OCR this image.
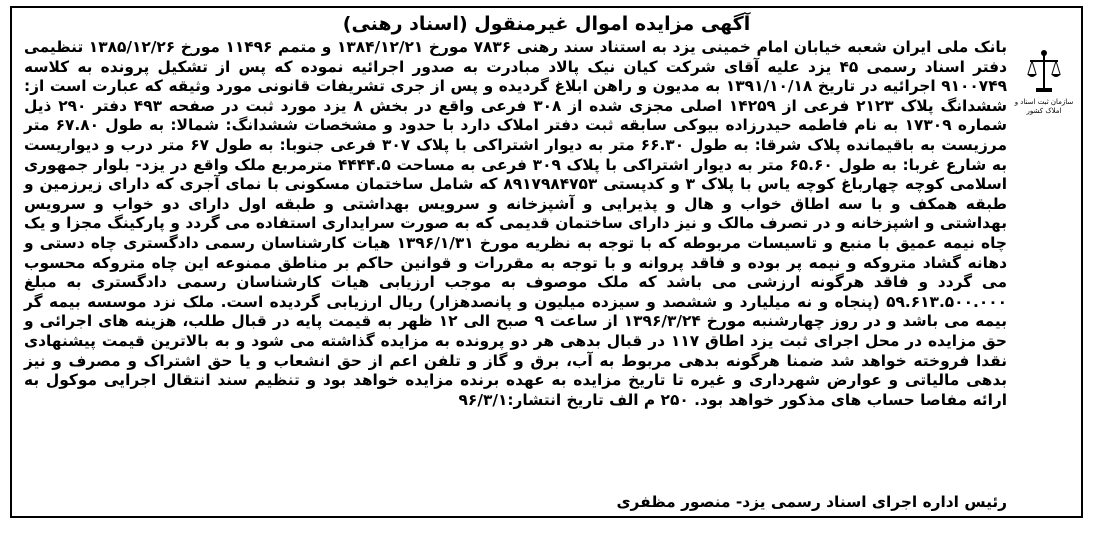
سازمان ثبت اسناد و املاک کشور
آگهی مزایده اموال غیرمنقول (اسناد رهنی)

بانک ملی ایران شعبه خیابان امام خمینی یزد به استناد سند رهنی ۷۸۳۶ مورخ ۱۳۸۴/۱۲/۲۱ و متمم ۱۱۴۹۶ مورخ ۱۳۸۵/۱۲/۲۶ تنظیمی دفتر اسناد رسمی ۴۵ یزد علیه آقای شرکت کیان نیک پالاد مبادرت به صدور اجرائیه نموده که پس از تشکیل پرونده به کلاسه ۹۱۰۰۷۴۹ اجرائیه در تاریخ ۱۳۹۱/۱۰/۱۸ به مدیون و راهن ابلاغ گردیده و پس از جری تشریفات قانونی مورد وثیقه که عبارت است از: ششدانگ پلاک ۲۱۲۳ فرعی از ۱۴۲۵۹ اصلی مجزی شده از ۳۰۸ فرعی واقع در بخش ۸ یزد مورد ثبت در صفحه ۴۹۳ دفتر ۲۹۰ ذیل شماره ۱۷۳۰۹ به نام فاطمه حیدرزاده بیوکی سابقه ثبت دفتر املاک دارد با حدود و مشخصات ششدانگ: شمالا: به طول ۶۷.۸۰ متر مرزیست به باقیمانده پلاک شرقا: به طول ۶۶.۳۰ متر به دیوار اشتراکی با پلاک ۳۰۷ فرعی جنوبا: به طول ۶۷ متر درب و دیواریست به شارع غربا: به طول ۶۵.۶۰ متر به دیوار اشتراکی با پلاک ۳۰۹ فرعی به مساحت ۴۴۴۴.۵ مترمربع ملک واقع در یزد- بلوار جمهوری اسلامی کوچه چهارباغ کوچه یاس با پلاک ۳ و کدپستی ۸۹۱۷۹۸۴۷۵۳ که شامل ساختمان مسکونی با نمای آجری که دارای زیرزمین و طبقه همکف و با سه اطاق خواب و هال و پذیرایی و آشپزخانه و سرویس بهداشتی و طبقه اول دارای دو خواب و سرویس بهداشتی و اشپزخانه و در تصرف مالک و نیز دارای ساختمان قدیمی که به صورت سرایداری استفاده می گردد و پارکینگ مجزا و یک چاه نیمه عمیق با منبع و تاسیسات مربوطه که با توجه به نظریه مورخ ۱۳۹۶/۱/۳۱ هیات کارشناسان رسمی دادگستری چاه دستی و دهانه گشاد متروکه و نیمه پر بوده و فاقد پروانه و با توجه به مقررات و قوانین حاکم بر مناطق ممنوعه این چاه متروکه محسوب می گردد و فاقد هرگونه ارزشی می باشد که ملک موصوف به موجب ارزیابی هیات کارشناسان رسمی دادگستری به مبلغ ۵۹.۶۱۳.۵۰۰.۰۰۰ (پنجاه و نه میلیارد و ششصد و سیزده میلیون و پانصدهزار) ریال ارزیابی گردیده است. ملک نزد موسسه بیمه گر بیمه می باشد و در روز چهارشنبه مورخ ۱۳۹۶/۳/۲۴ از ساعت ۹ صبح الی ۱۲ ظهر به قیمت پایه در قبال طلب، هزینه های اجرائی و حق مزایده در محل اجرای ثبت یزد اطاق ۱۱۷ در قبال بدهی هر دو پرونده به مزایده گذاشته می شود و به بالاترین قیمت پیشنهادی نقدا فروخته خواهد شد ضمنا هرگونه بدهی مربوط به آب، برق و گاز و تلفن اعم از حق انشعاب و یا حق اشتراک و مصرف و نیز بدهی مالیاتی و عوارض شهرداری و غیره تا تاریخ مزایده به عهده برنده مزایده خواهد بود و تنظیم سند انتقال اجرایی موکول به ارائه مفاصا حساب های مذکور خواهد بود. ۲۵۰ م الف تاریخ انتشار:۹۶/۳/۱

رئیس اداره اجرای اسناد رسمی یزد- منصور مظفری
